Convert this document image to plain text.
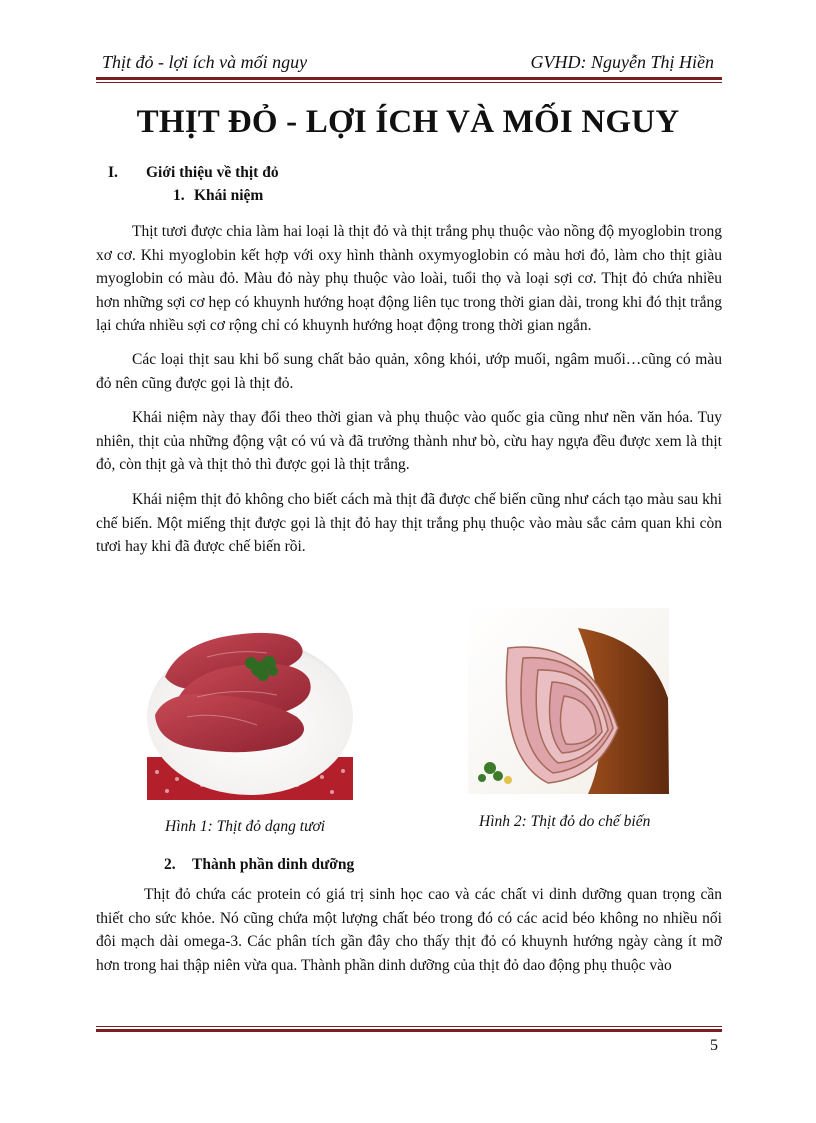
Thịt đỏ - lợi ích và mối nguy	GVHD: Nguyễn Thị Hiền
THỊT ĐỎ - LỢI ÍCH VÀ MỐI NGUY
I. Giới thiệu về thịt đỏ
1. Khái niệm

Thịt tươi được chia làm hai loại là thịt đỏ và thịt trắng phụ thuộc vào nồng độ myoglobin trong xơ cơ. Khi myoglobin kết hợp với oxy hình thành oxymyoglobin có màu hơi đỏ, làm cho thịt giàu myoglobin có màu đỏ. Màu đỏ này phụ thuộc vào loài, tuổi thọ và loại sợi cơ. Thịt đỏ chứa nhiều hơn những sợi cơ hẹp có khuynh hướng hoạt động liên tục trong thời gian dài, trong khi đó thịt trắng lại chứa nhiều sợi cơ rộng chỉ có khuynh hướng hoạt động trong thời gian ngắn.

Các loại thịt sau khi bổ sung chất bảo quản, xông khói, ướp muối, ngâm muối…cũng có màu đỏ nên cũng được gọi là thịt đỏ.

Khái niệm này thay đổi theo thời gian và phụ thuộc vào quốc gia cũng như nền văn hóa. Tuy nhiên, thịt của những động vật có vú và đã trưởng thành như bò, cừu hay ngựa đều được xem là thịt đỏ, còn thịt gà và thịt thỏ thì được gọi là thịt trắng.

Khái niệm thịt đỏ không cho biết cách mà thịt đã được chế biến cũng như cách tạo màu sau khi chế biến. Một miếng thịt được gọi là thịt đỏ hay thịt trắng phụ thuộc vào màu sắc cảm quan khi còn tươi hay khi đã được chế biến rồi.

Hình 1: Thịt đỏ dạng tươi	Hình 2: Thịt đỏ do chế biến
2. Thành phần dinh dưỡng

Thịt đỏ chứa các protein có giá trị sinh học cao và các chất vi dinh dưỡng quan trọng cần thiết cho sức khỏe. Nó cũng chứa một lượng chất béo trong đó có các acid béo không no nhiều nối đôi mạch dài omega-3. Các phân tích gần đây cho thấy thịt đỏ có khuynh hướng ngày càng ít mỡ hơn trong hai thập niên vừa qua. Thành phần dinh dưỡng của thịt đỏ dao động phụ thuộc vào

5
